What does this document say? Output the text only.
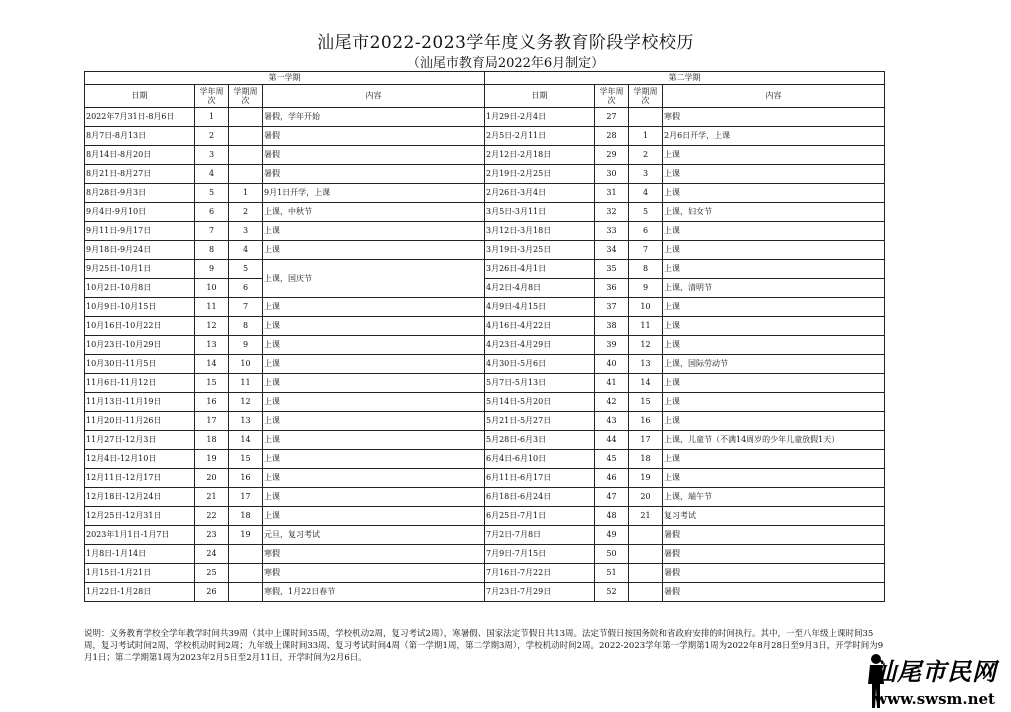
汕尾市2022-2023学年度义务教育阶段学校校历
（汕尾市教育局2022年6月制定）
第一学期				第二学期			
日期	学年周次	学期周次	内容	日期	学年周次	学期周次	内容
2022年7月31日-8月6日	1		暑假，学年开始	1月29日-2月4日	27		寒假
8月7日-8月13日	2		暑假	2月5日-2月11日	28	1	2月6日开学，上课
8月14日-8月20日	3		暑假	2月12日-2月18日	29	2	上课
8月21日-8月27日	4		暑假	2月19日-2月25日	30	3	上课
8月28日-9月3日	5	1	9月1日开学，上课	2月26日-3月4日	31	4	上课
9月4日-9月10日	6	2	上课，中秋节	3月5日-3月11日	32	5	上课，妇女节
9月11日-9月17日	7	3	上课	3月12日-3月18日	33	6	上课
9月18日-9月24日	8	4	上课	3月19日-3月25日	34	7	上课
9月25日-10月1日	9	5	上课，国庆节	3月26日-4月1日	35	8	上课
10月2日-10月8日	10	6		4月2日-4月8日	36	9	上课，清明节
10月9日-10月15日	11	7	上课	4月9日-4月15日	37	10	上课
10月16日-10月22日	12	8	上课	4月16日-4月22日	38	11	上课
10月23日-10月29日	13	9	上课	4月23日-4月29日	39	12	上课
10月30日-11月5日	14	10	上课	4月30日-5月6日	40	13	上课，国际劳动节
11月6日-11月12日	15	11	上课	5月7日-5月13日	41	14	上课
11月13日-11月19日	16	12	上课	5月14日-5月20日	42	15	上课
11月20日-11月26日	17	13	上课	5月21日-5月27日	43	16	上课
11月27日-12月3日	18	14	上课	5月28日-6月3日	44	17	上课，儿童节（不满14周岁的少年儿童放假1天）
12月4日-12月10日	19	15	上课	6月4日-6月10日	45	18	上课
12月11日-12月17日	20	16	上课	6月11日-6月17日	46	19	上课
12月18日-12月24日	21	17	上课	6月18日-6月24日	47	20	上课，端午节
12月25日-12月31日	22	18	上课	6月25日-7月1日	48	21	复习考试
2023年1月1日-1月7日	23	19	元旦，复习考试	7月2日-7月8日	49		暑假
1月8日-1月14日	24		寒假	7月9日-7月15日	50		暑假
1月15日-1月21日	25		寒假	7月16日-7月22日	51		暑假
1月22日-1月28日	26		寒假，1月22日春节	7月23日-7月29日	52		暑假
说明：义务教育学校全学年教学时间共39周（其中上课时间35周，学校机动2周，复习考试2周），寒暑假、国家法定节假日共13周。法定节假日按国务院和省政府安排的时间执行。其中，一至八年级上课时间35周，复习考试时间2周，学校机动时间2周；九年级上课时间33周、复习考试时间4周（第一学期1周，第二学期3周），学校机动时间2周。2022-2023学年第一学期第1周为2022年8月28日至9月3日，开学时间为9月1日；第二学期第1周为2023年2月5日至2月11日，开学时间为2月6日。	汕尾市民网
www.swsm.net
